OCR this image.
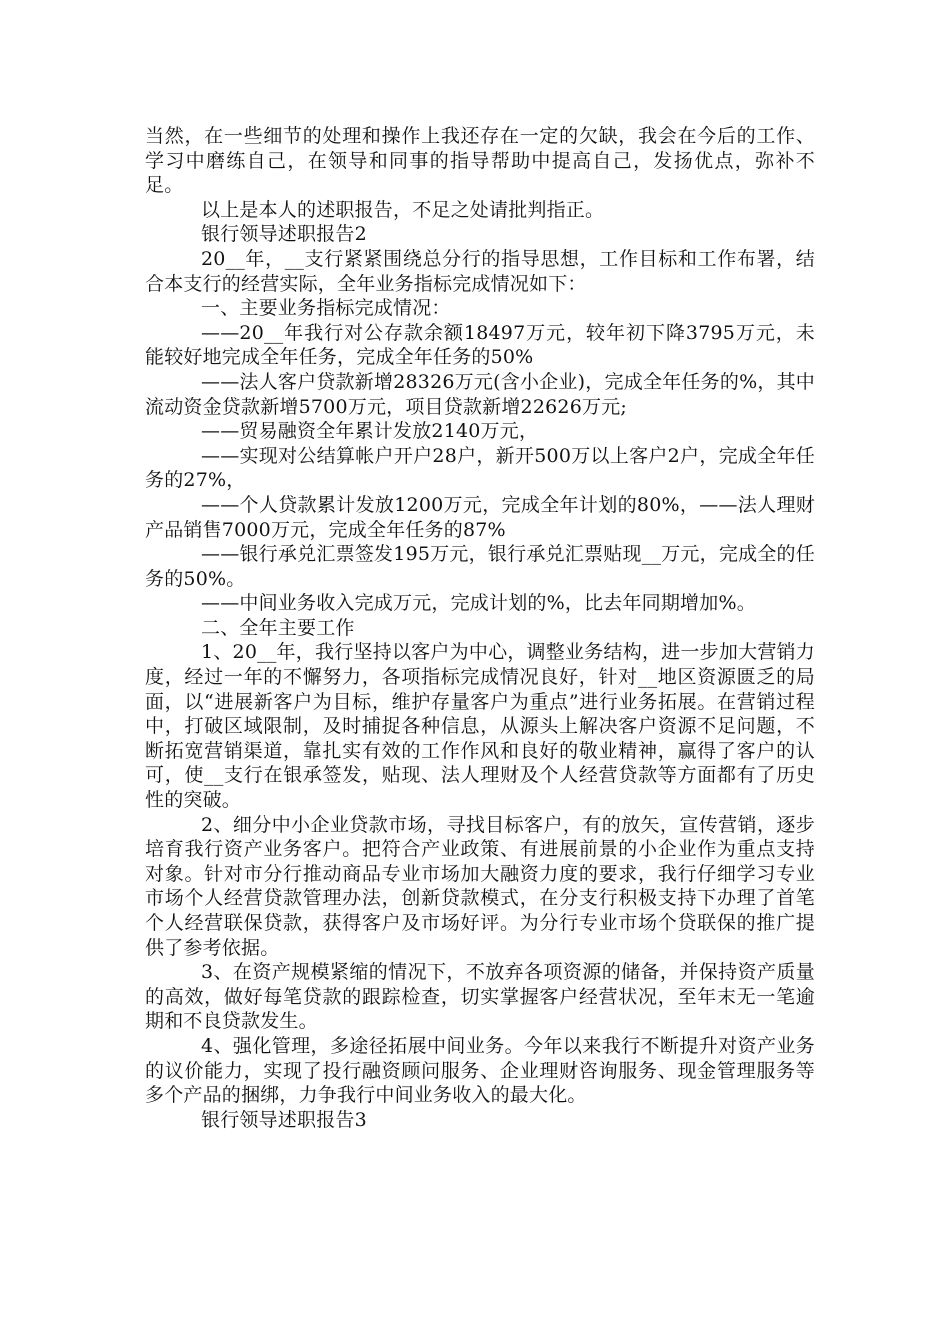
当然，在一些细节的处理和操作上我还存在一定的欠缺，我会在今后的工作、学习中磨练自己，在领导和同事的指导帮助中提高自己，发扬优点，弥补不足。

以上是本人的述职报告，不足之处请批判指正。

银行领导述职报告2

20__年，__支行紧紧围绕总分行的指导思想，工作目标和工作布署，结合本支行的经营实际，全年业务指标完成情况如下：

一、主要业务指标完成情况：

——20__年我行对公存款余额18497万元，较年初下降3795万元，未能较好地完成全年任务，完成全年任务的50%

——法人客户贷款新增28326万元(含小企业)，完成全年任务的%，其中流动资金贷款新增5700万元，项目贷款新增22626万元;

——贸易融资全年累计发放2140万元，

——实现对公结算帐户开户28户，新开500万以上客户2户，完成全年任务的27%，

——个人贷款累计发放1200万元，完成全年计划的80%，——法人理财产品销售7000万元，完成全年任务的87%

——银行承兑汇票签发195万元，银行承兑汇票贴现__万元，完成全的任务的50%。

——中间业务收入完成万元，完成计划的%，比去年同期增加%。

二、全年主要工作

1、20__年，我行坚持以客户为中心，调整业务结构，进一步加大营销力度，经过一年的不懈努力，各项指标完成情况良好，针对__地区资源匮乏的局面，以“进展新客户为目标，维护存量客户为重点”进行业务拓展。在营销过程中，打破区域限制，及时捕捉各种信息，从源头上解决客户资源不足问题，不断拓宽营销渠道，靠扎实有效的工作作风和良好的敬业精神，赢得了客户的认可，使__支行在银承签发，贴现、法人理财及个人经营贷款等方面都有了历史性的突破。

2、细分中小企业贷款市场，寻找目标客户，有的放矢，宣传营销，逐步培育我行资产业务客户。把符合产业政策、有进展前景的小企业作为重点支持对象。针对市分行推动商品专业市场加大融资力度的要求，我行仔细学习专业市场个人经营贷款管理办法，创新贷款模式，在分支行积极支持下办理了首笔个人经营联保贷款，获得客户及市场好评。为分行专业市场个贷联保的推广提供了参考依据。

3、在资产规模紧缩的情况下，不放弃各项资源的储备，并保持资产质量的高效，做好每笔贷款的跟踪检查，切实掌握客户经营状况，至年末无一笔逾期和不良贷款发生。

4、强化管理，多途径拓展中间业务。今年以来我行不断提升对资产业务的议价能力，实现了投行融资顾问服务、企业理财咨询服务、现金管理服务等多个产品的捆绑，力争我行中间业务收入的最大化。

银行领导述职报告3
